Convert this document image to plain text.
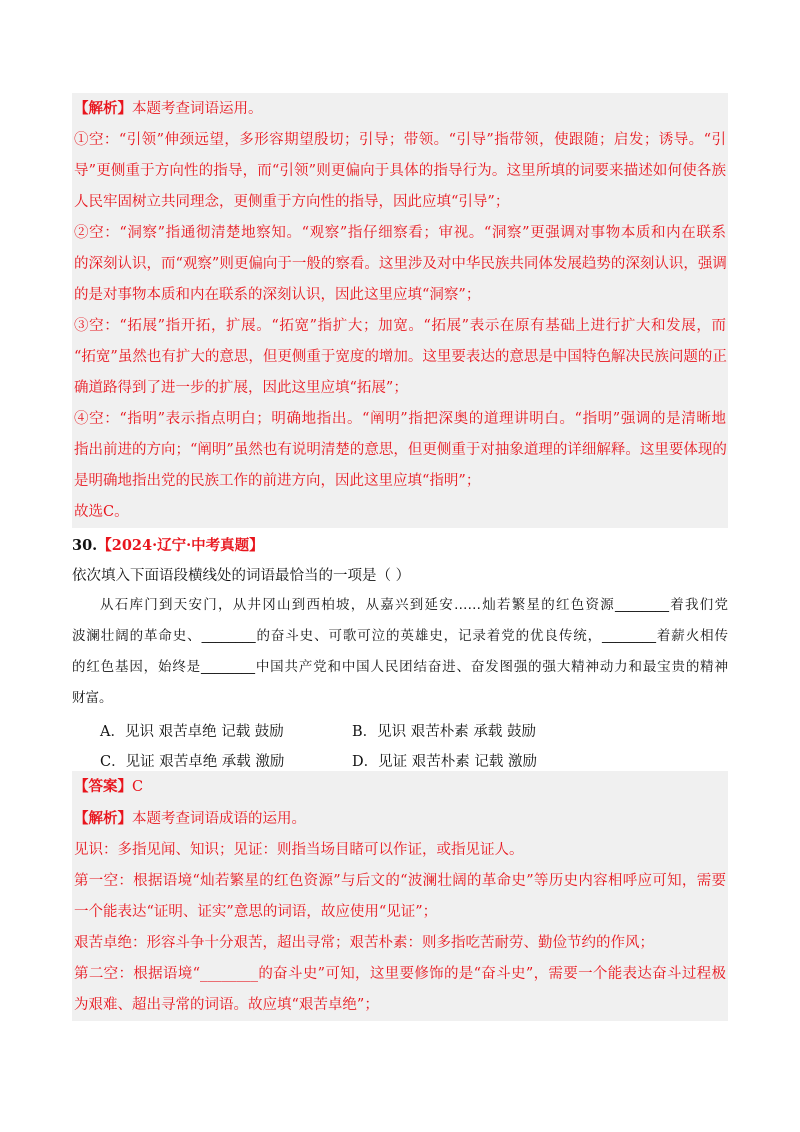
【解析】本题考查词语运用。

①空：“引领”伸颈远望，多形容期望殷切；引导；带领。“引导”指带领，使跟随；启发；诱导。“引

导”更侧重于方向性的指导，而“引领”则更偏向于具体的指导行为。这里所填的词要来描述如何使各族

人民牢固树立共同理念，更侧重于方向性的指导，因此应填“引导”；

②空：“洞察”指通彻清楚地察知。“观察”指仔细察看；审视。“洞察”更强调对事物本质和内在联系

的深刻认识，而“观察”则更偏向于一般的察看。这里涉及对中华民族共同体发展趋势的深刻认识，强调

的是对事物本质和内在联系的深刻认识，因此这里应填“洞察”；

③空：“拓展”指开拓，扩展。“拓宽”指扩大；加宽。“拓展”表示在原有基础上进行扩大和发展，而

“拓宽”虽然也有扩大的意思，但更侧重于宽度的增加。这里要表达的意思是中国特色解决民族问题的正

确道路得到了进一步的扩展，因此这里应填“拓展”；

④空：“指明”表示指点明白；明确地指出。“阐明”指把深奥的道理讲明白。“指明”强调的是清晰地

指出前进的方向；“阐明”虽然也有说明清楚的意思，但更侧重于对抽象道理的详细解释。这里要体现的

是明确地指出党的民族工作的前进方向，因此这里应填“指明”；

故选C。

30.【2024·辽宁·中考真题】
依次填入下面语段横线处的词语最恰当的一项是（ ）

从石库门到天安门，从井冈山到西柏坡，从嘉兴到延安……灿若繁星的红色资源________着我们党

波澜壮阔的革命史、________的奋斗史、可歌可泣的英雄史，记录着党的优良传统，________着薪火相传

的红色基因，始终是________中国共产党和中国人民团结奋进、奋发图强的强大精神动力和最宝贵的精神

财富。

A．见识 艰苦卓绝 记载 鼓励	B．见识 艰苦朴素 承载 鼓励
C．见证 艰苦卓绝 承载 激励	D．见证 艰苦朴素 记载 激励

【答案】C

【解析】本题考查词语成语的运用。

见识：多指见闻、知识；见证：则指当场目睹可以作证，或指见证人。

第一空：根据语境“灿若繁星的红色资源”与后文的“波澜壮阔的革命史”等历史内容相呼应可知，需要

一个能表达“证明、证实”意思的词语，故应使用“见证”；

艰苦卓绝：形容斗争十分艰苦，超出寻常；艰苦朴素：则多指吃苦耐劳、勤俭节约的作风；

第二空：根据语境“________的奋斗史”可知，这里要修饰的是“奋斗史”，需要一个能表达奋斗过程极

为艰难、超出寻常的词语。故应填“艰苦卓绝”；
